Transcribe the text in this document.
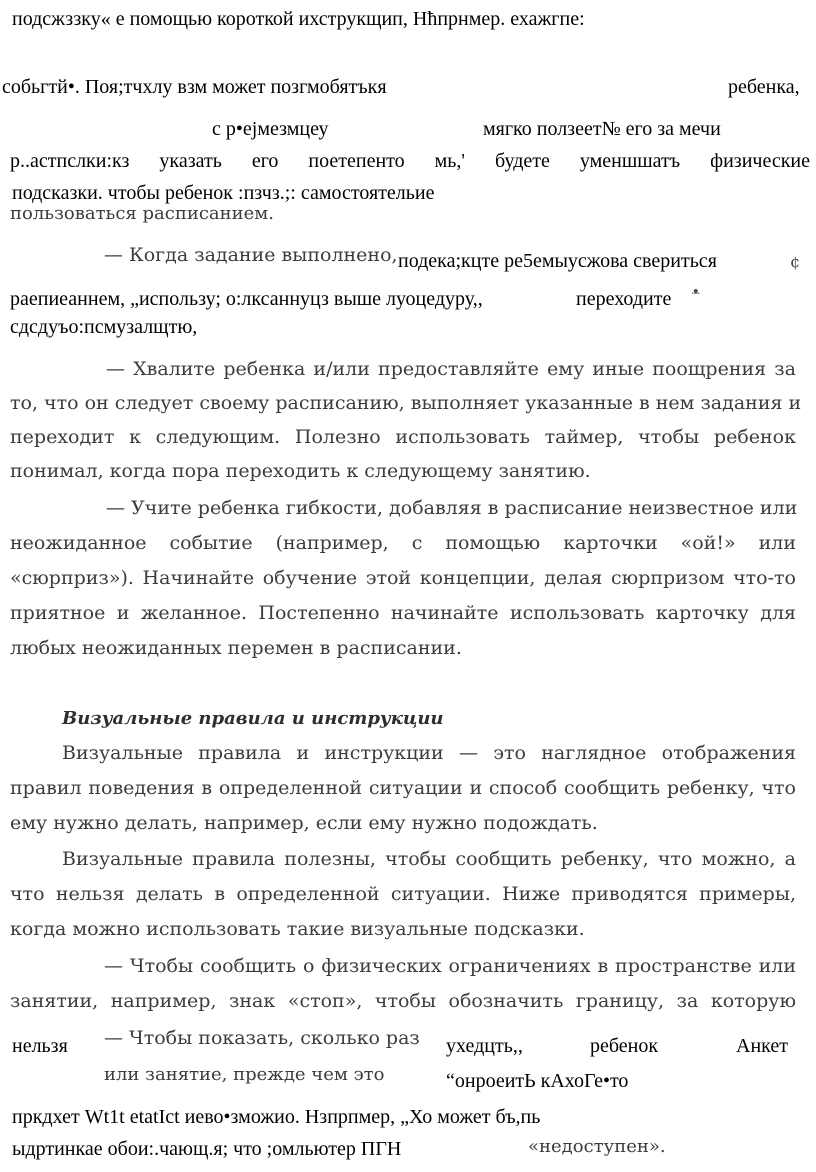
подсжззку« е помощью короткой ихструкщип, Hħпрнмер. ехажгпе:
собьгтй•. Поя;тчхлу взм может позгмобятъкя	ребенка,
с р•ejмезмцеу	мягко ползеет№ его за мечи
р..астпслки:кз указать его поетепенто мь,' будете уменшшатъ физические
подсказки. чтобы ребенок :пзчз.;: самостоятельие
пользоваться расписанием.
— Когда задание выполнено, подека;кцте ре5емыусжова свериться	¢
раепиеаннем, „использу; о:лксаннуцз выше луоцедуру,,	переходите ᵜ
сдсдуъо:псмузалщтю,
— Хвалите ребенка и/или предоставляйте ему иные поощрения за
то, что он следует своему расписанию, выполняет указанные в нем задания и
переходит к следующим. Полезно использовать таймер, чтобы ребенок
понимал, когда пора переходить к следующему занятию.
— Учите ребенка гибкости, добавляя в расписание неизвестное или
неожиданное событие (например, с помощью карточки «ой!» или
«сюрприз»). Начинайте обучение этой концепции, делая сюрпризом что-то
приятное и желанное. Постепенно начинайте использовать карточку для
любых неожиданных перемен в расписании.
Визуальные правила и инструкции
Визуальные правила и инструкции — это наглядное отображения
правил поведения в определенной ситуации и способ сообщить ребенку, что
ему нужно делать, например, если ему нужно подождать.
Визуальные правила полезны, чтобы сообщить ребенку, что можно, а
что нельзя делать в определенной ситуации. Ниже приводятся примеры,
когда можно использовать такие визуальные подсказки.
— Чтобы сообщить о физических ограничениях в пространстве или
занятии, например, знак «стоп», чтобы обозначить границу, за которую
нельзя — Чтобы показать, сколько раз ухедцть,,	ребенок	Анкет
или занятие, прежде чем это	“онроеитЬ кАхоГе•то
пркдхет Wt1t etatIct иево•зможио. Нзпрпмер, „Хо может бъ,пь
ыдртинкае обои:.чающ.я; что ;омльютер ПГН	«недоступен».
